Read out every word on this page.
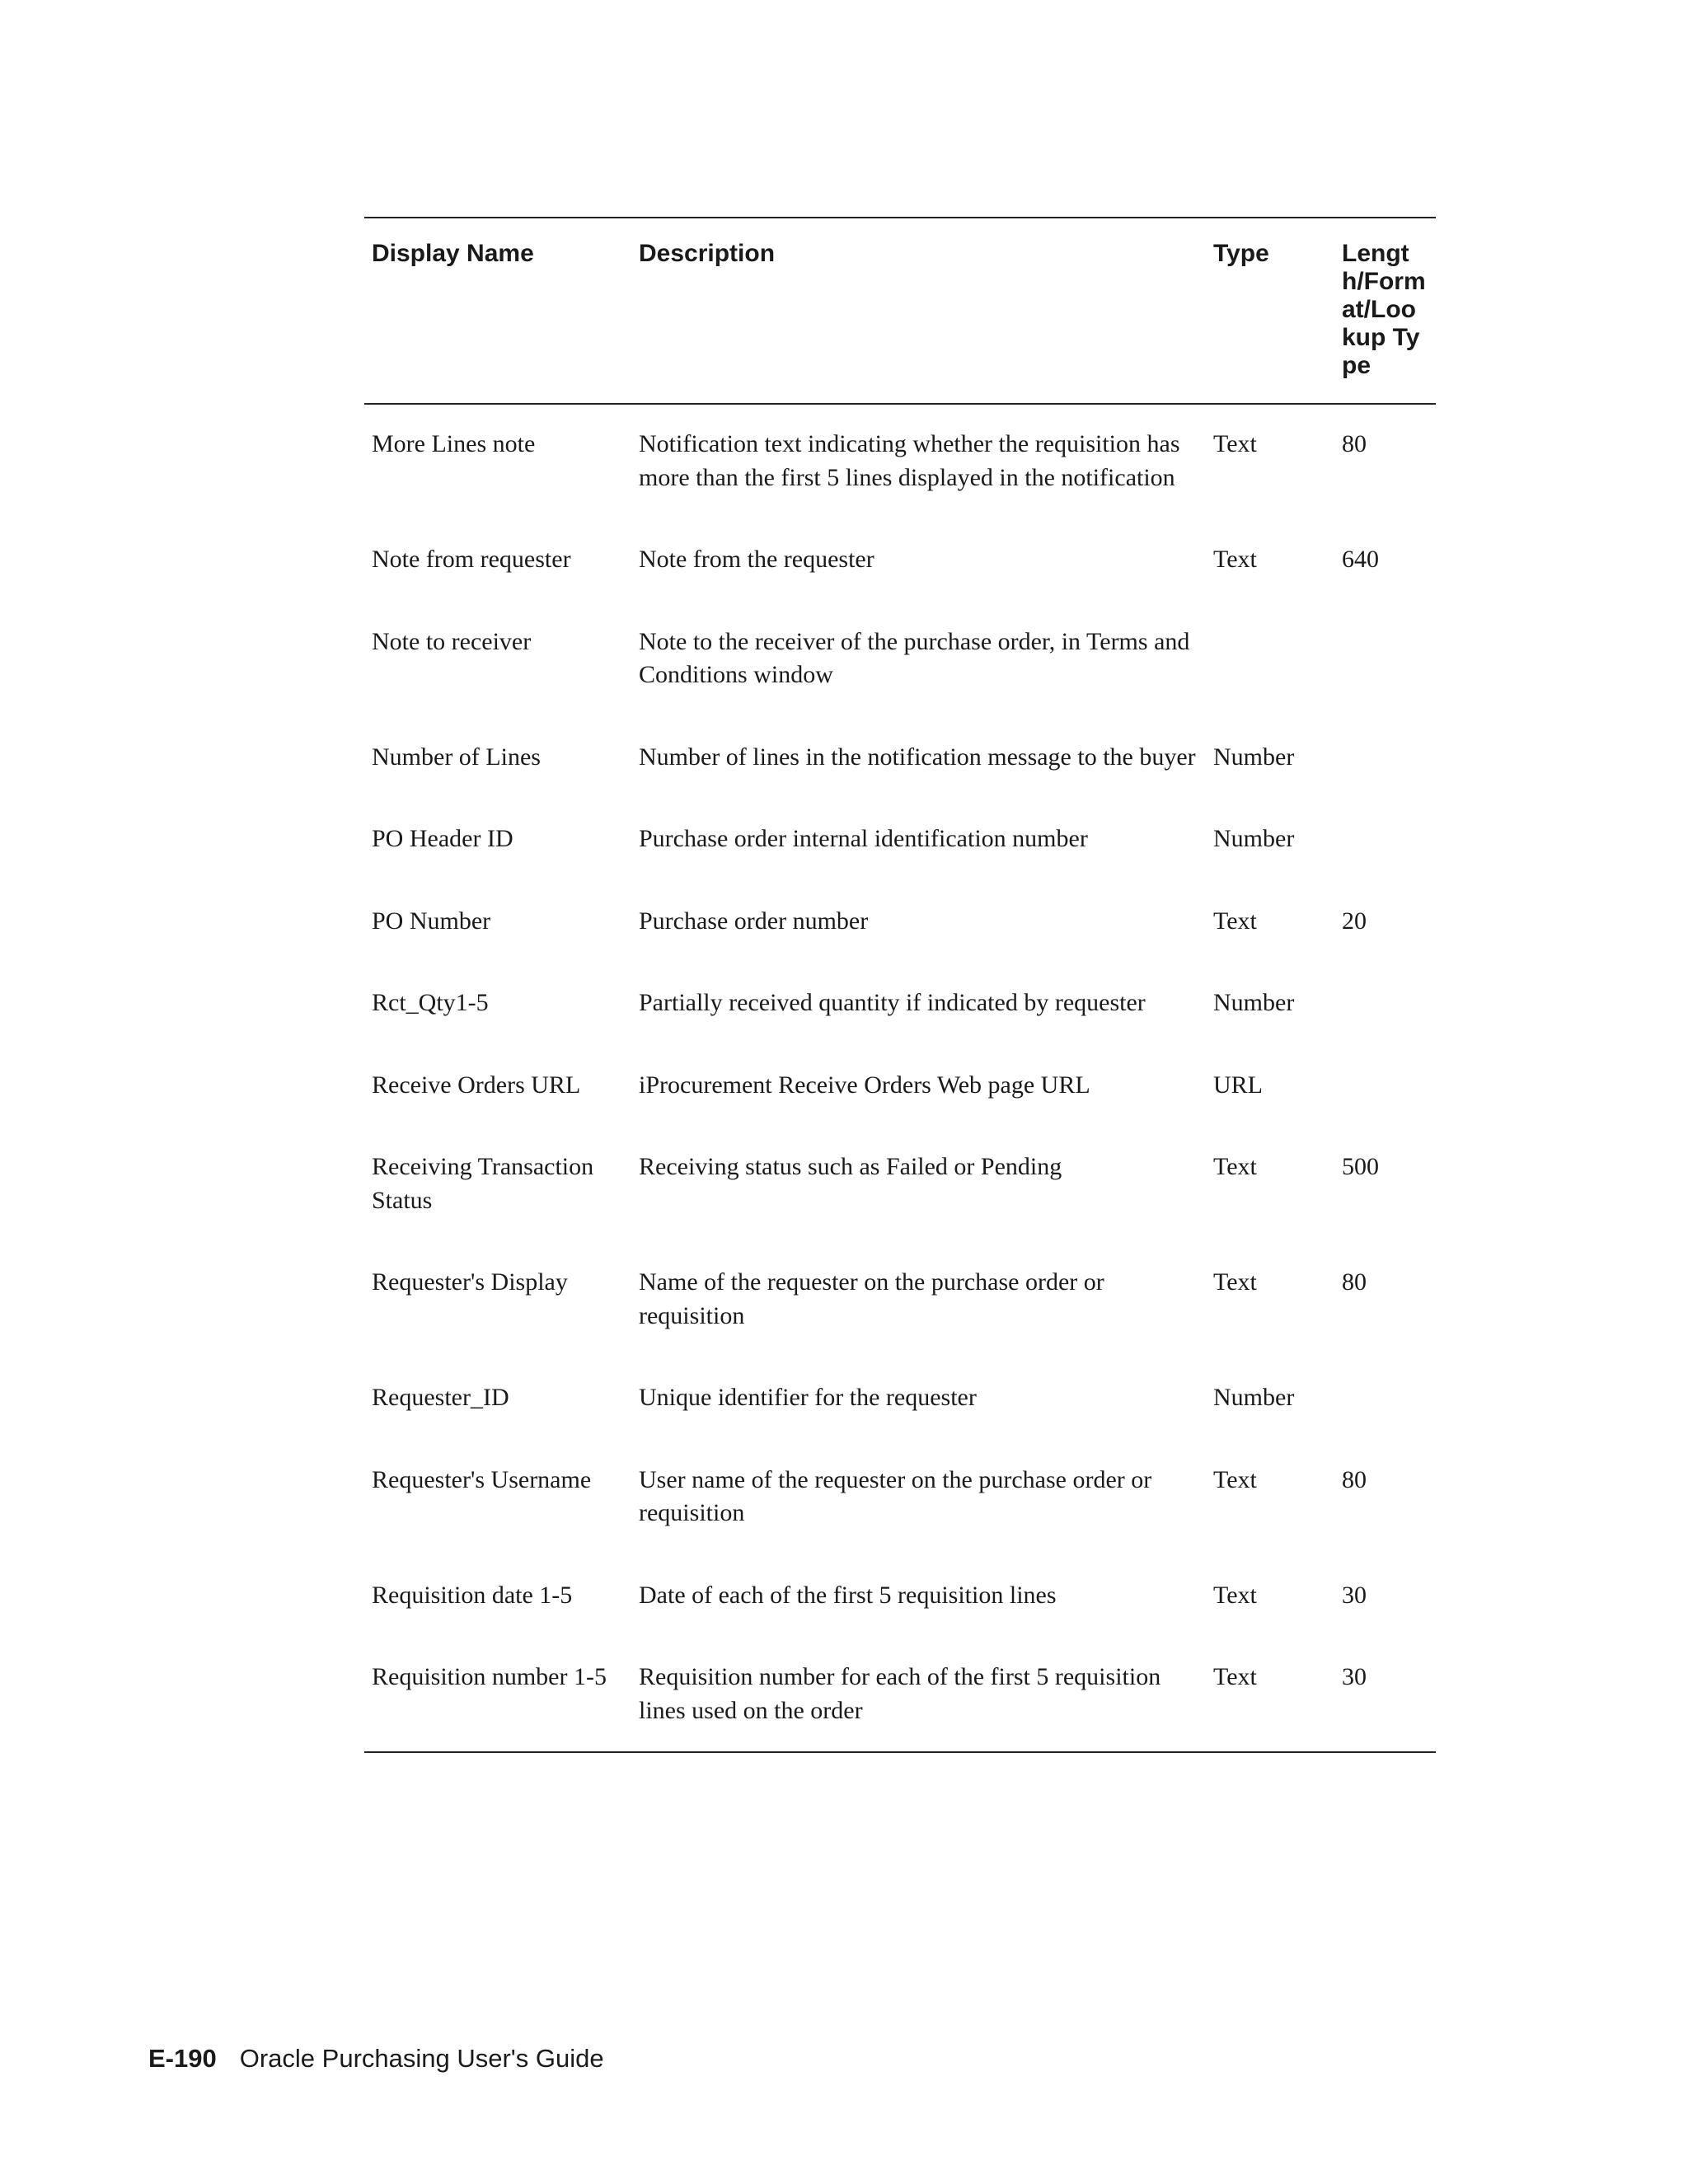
Display Name	Description	Type	Length/Format/Lookup Type
More Lines note	Notification text indicating whether the requisition has more than the first 5 lines displayed in the notification	Text	80
Note from requester	Note from the requester	Text	640
Note to receiver	Note to the receiver of the purchase order, in Terms and Conditions window		
Number of Lines	Number of lines in the notification message to the buyer	Number	
PO Header ID	Purchase order internal identification number	Number	
PO Number	Purchase order number	Text	20
Rct_Qty1-5	Partially received quantity if indicated by requester	Number	
Receive Orders URL	iProcurement Receive Orders Web page URL	URL	
Receiving Transaction Status	Receiving status such as Failed or Pending	Text	500
Requester's Display	Name of the requester on the purchase order or requisition	Text	80
Requester_ID	Unique identifier for the requester	Number	
Requester's Username	User name of the requester on the purchase order or requisition	Text	80
Requisition date 1-5	Date of each of the first 5 requisition lines	Text	30
Requisition number 1-5	Requisition number for each of the first 5 requisition lines used on the order	Text	30
E-190 Oracle Purchasing User's Guide
